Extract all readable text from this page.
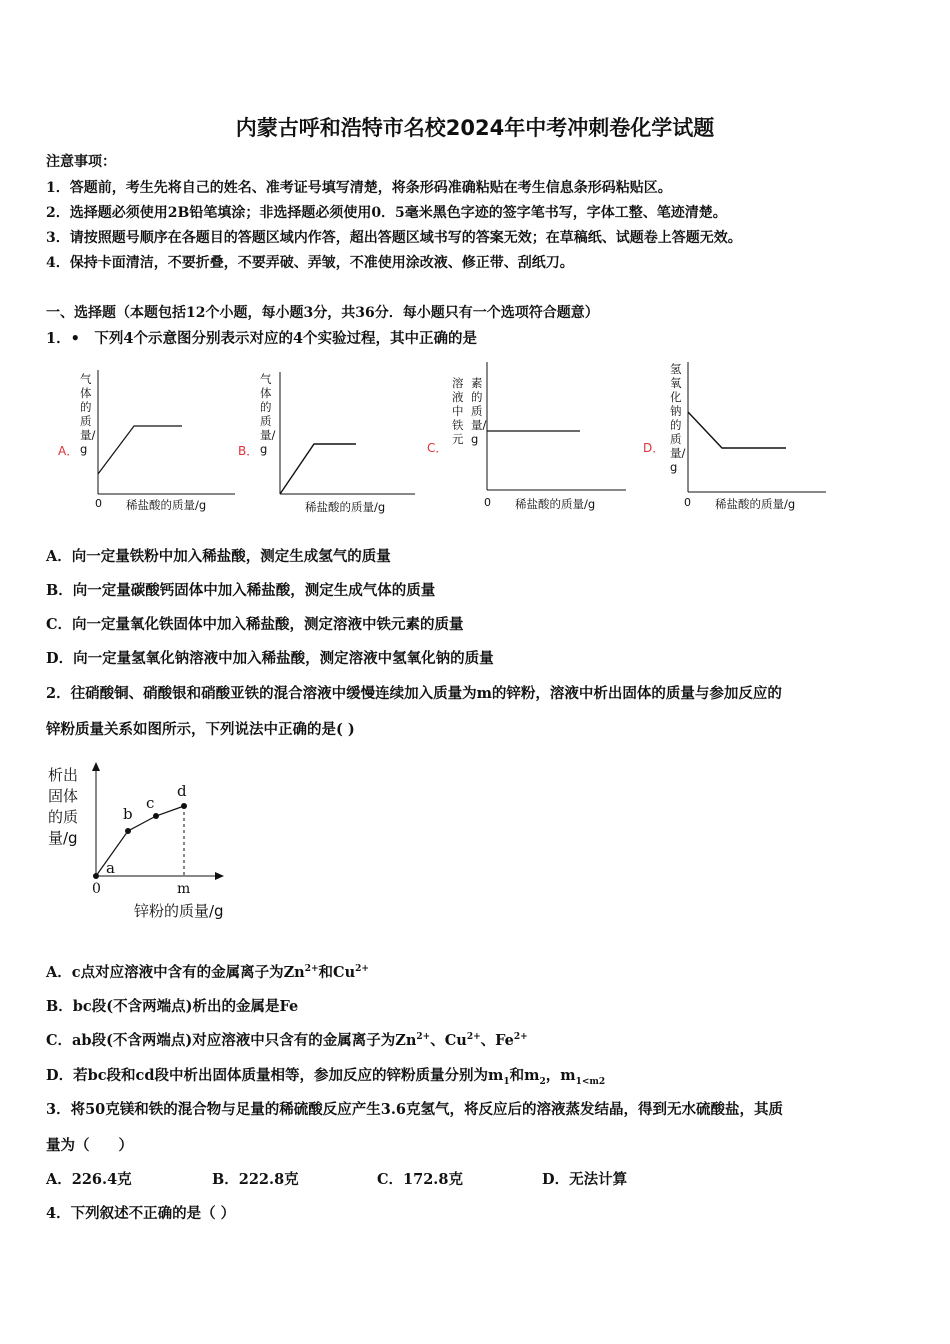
内蒙古呼和浩特市名校2024年中考冲刺卷化学试题
注意事项：
1．答题前，考生先将自己的姓名、准考证号填写清楚，将条形码准确粘贴在考生信息条形码粘贴区。
2．选择题必须使用2B铅笔填涂；非选择题必须使用0．5毫米黑色字迹的签字笔书写，字体工整、笔迹清楚。
3．请按照题号顺序在各题目的答题区域内作答，超出答题区域书写的答案无效；在草稿纸、试题卷上答题无效。
4．保持卡面清洁，不要折叠，不要弄破、弄皱，不准使用涂改液、修正带、刮纸刀。
一、选择题（本题包括12个小题，每小题3分，共36分．每小题只有一个选项符合题意）
1．•　下列4个示意图分别表示对应的4个实验过程，其中正确的是
A．
气体的质量/g
0 稀盐酸的质量/g
B．
气体的质量/g
稀盐酸的质量/g
C．
溶液中铁元
素的质量/g
0 稀盐酸的质量/g
D．
氢氧化钠的质量/g
0 稀盐酸的质量/g
A．向一定量铁粉中加入稀盐酸，测定生成氢气的质量
B．向一定量碳酸钙固体中加入稀盐酸，测定生成气体的质量
C．向一定量氧化铁固体中加入稀盐酸，测定溶液中铁元素的质量
D．向一定量氢氧化钠溶液中加入稀盐酸，测定溶液中氢氧化钠的质量
2．往硝酸铜、硝酸银和硝酸亚铁的混合溶液中缓慢连续加入质量为m的锌粉，溶液中析出固体的质量与参加反应的
锌粉质量关系如图所示，下列说法中正确的是( )
析出
固体
的质
量/g
a
b
c
d
0	m
锌粉的质量/g
A．c点对应溶液中含有的金属离子为$Zn^{2+}$和$Cu^{2+}$
B．bc段(不含两端点)析出的金属是Fe
C．ab段(不含两端点)对应溶液中只含有的金属离子为$Zn^{2+}$、$Cu^{2+}$、$Fe^{2+}$
D．若bc段和cd段中析出固体质量相等，参加反应的锌粉质量分别为$m_1$和$m_2$，$m_{1<m2}$
3．将50克镁和铁的混合物与足量的稀硫酸反应产生3.6克氢气，将反应后的溶液蒸发结晶，得到无水硫酸盐，其质
量为（　　）
A．226.4克	B．222.8克	C．172.8克	D．无法计算
4．下列叙述不正确的是（ ）
